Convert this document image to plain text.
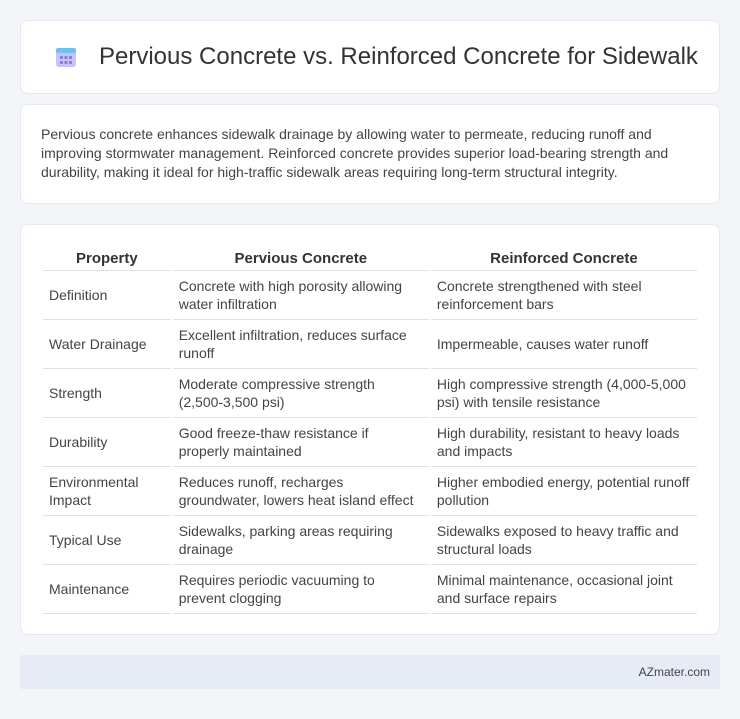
Pervious Concrete vs. Reinforced Concrete for Sidewalk

Pervious concrete enhances sidewalk drainage by allowing water to permeate, reducing runoff and improving stormwater management. Reinforced concrete provides superior load-bearing strength and durability, making it ideal for high-traffic sidewalk areas requiring long-term structural integrity.

Property	Pervious Concrete	Reinforced Concrete
Definition	Concrete with high porosity allowing water infiltration	Concrete strengthened with steel reinforcement bars
Water Drainage	Excellent infiltration, reduces surface runoff	Impermeable, causes water runoff
Strength	Moderate compressive strength (2,500-3,500 psi)	High compressive strength (4,000-5,000 psi) with tensile resistance
Durability	Good freeze-thaw resistance if properly maintained	High durability, resistant to heavy loads and impacts
Environmental Impact	Reduces runoff, recharges groundwater, lowers heat island effect	Higher embodied energy, potential runoff pollution
Typical Use	Sidewalks, parking areas requiring drainage	Sidewalks exposed to heavy traffic and structural loads
Maintenance	Requires periodic vacuuming to prevent clogging	Minimal maintenance, occasional joint and surface repairs
AZmater.com
